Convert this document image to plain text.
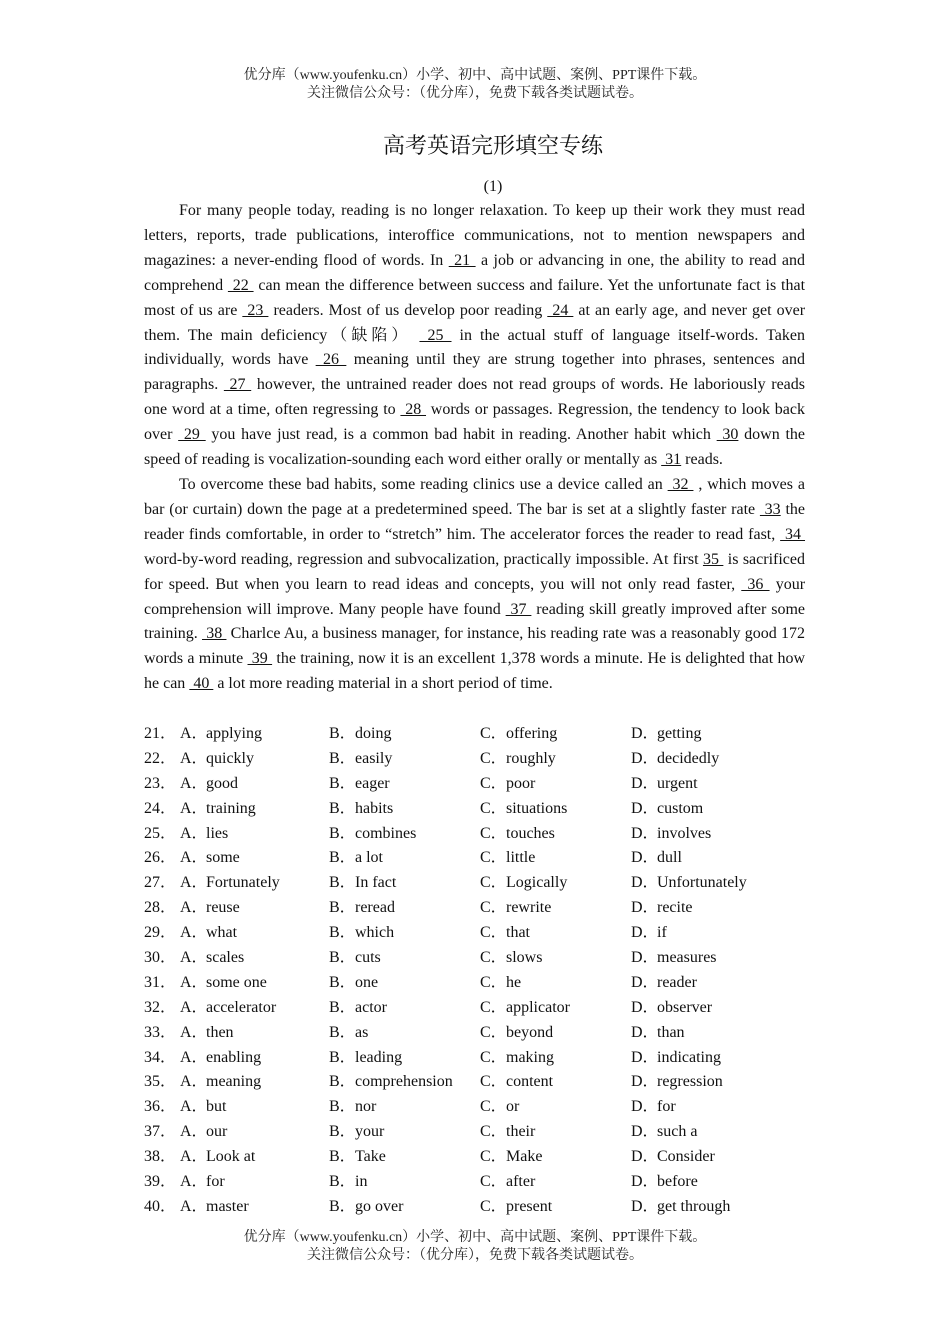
优分库（www.youfenku.cn）小学、初中、高中试题、案例、PPT课件下载。
关注微信公众号：（优分库），免费下载各类试题试卷。
高考英语完形填空专练
(1)

For many people today, reading is no longer relaxation. To keep up their work they must read letters, reports, trade publications, interoffice communications, not to mention newspapers and magazines: a never-ending flood of words. In  21  a job or advancing in one, the ability to read and comprehend  22  can mean the difference between success and failure. Yet the unfortunate fact is that most of us are  23  readers. Most of us develop poor reading  24  at an early age, and never get over them. The main deficiency（缺陷）  25  in the actual stuff of language itself-words. Taken individually, words have  26  meaning until they are strung together into phrases, sentences and paragraphs.  27  however, the untrained reader does not read groups of words. He laboriously reads one word at a time, often regressing to  28  words or passages. Regression, the tendency to look back over  29  you have just read, is a common bad habit in reading. Another habit which  30 down the speed of reading is vocalization-sounding each word either orally or mentally as  31 reads.

To overcome these bad habits, some reading clinics use a device called an  32  , which moves a bar (or curtain) down the page at a predetermined speed. The bar is set at a slightly faster rate  33 the reader finds comfortable, in order to “stretch” him. The accelerator forces the reader to read fast,  34  word-by-word reading, regression and subvocalization, practically impossible. At first 35  is sacrificed for speed. But when you learn to read ideas and concepts, you will not only read faster,  36  your comprehension will improve. Many people have found  37  reading skill greatly improved after some training.  38  Charlce Au, a business manager, for instance, his reading rate was a reasonably good 172 words a minute  39  the training, now it is an excellent 1,378 words a minute. He is delighted that how he can  40  a lot more reading material in a short period of time.

21． A．applying	B．doing	C．offering	D．getting
22． A．quickly	B．easily	C．roughly	D．decidedly
23． A．good	B．eager	C．poor	D．urgent
24． A．training	B．habits	C．situations	D．custom
25． A．lies	B．combines	C．touches	D．involves
26． A．some	B．a lot	C．little	D．dull
27． A．Fortunately	B．In fact	C．Logically	D．Unfortunately
28． A．reuse	B．reread	C．rewrite	D．recite
29． A．what	B．which	C．that	D．if
30． A．scales	B．cuts	C．slows	D．measures
31． A．some one	B．one	C．he	D．reader
32． A．accelerator	B．actor	C．applicator	D．observer
33． A．then	B．as	C．beyond	D．than
34． A．enabling	B．leading	C．making	D．indicating
35． A．meaning	B．comprehension	C．content	D．regression
36． A．but	B．nor	C．or	D．for
37． A．our	B．your	C．their	D．such a
38． A．Look at	B．Take	C．Make	D．Consider
39． A．for	B．in	C．after	D．before
40． A．master	B．go over	C．present	D．get through
优分库（www.youfenku.cn）小学、初中、高中试题、案例、PPT课件下载。
关注微信公众号：（优分库），免费下载各类试题试卷。
